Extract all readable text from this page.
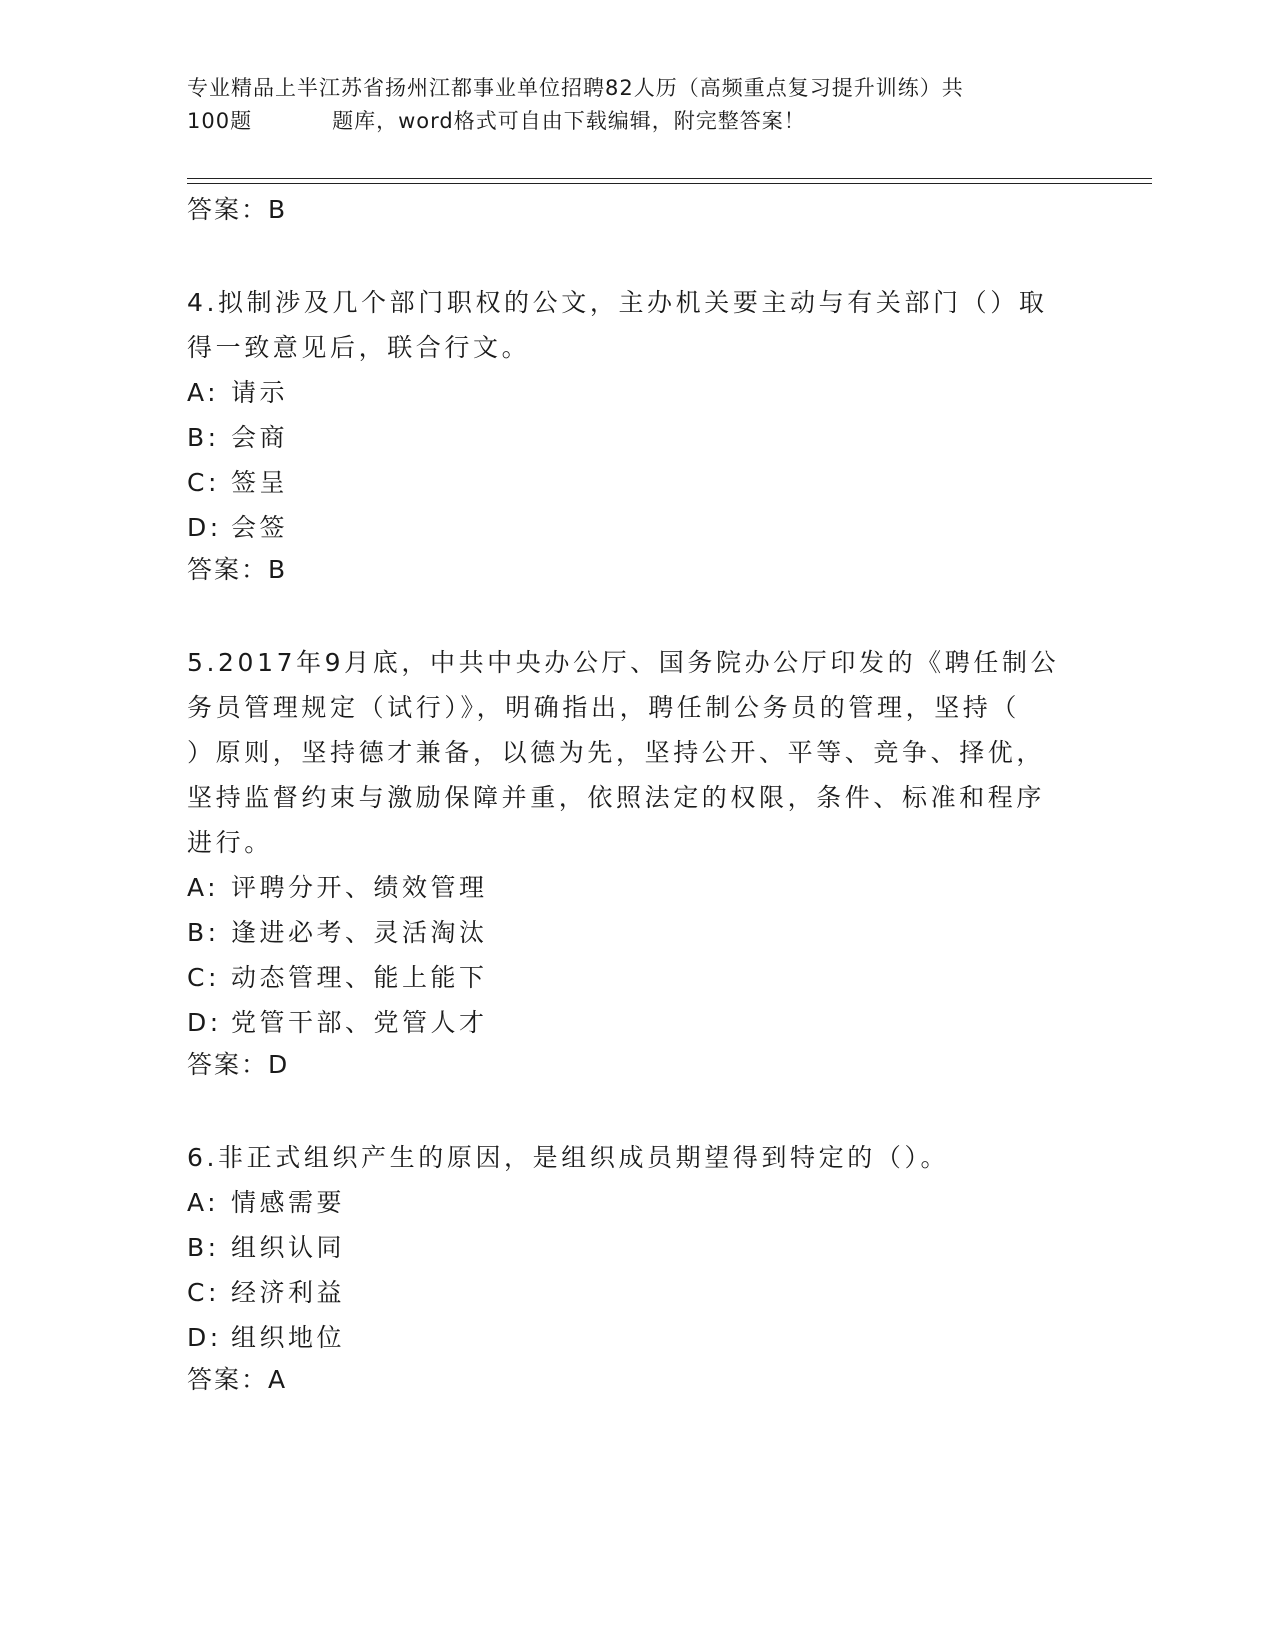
专业精品上半江苏省扬州江都事业单位招聘82人历（高频重点复习提升训练）共
100题	题库，word格式可自由下载编辑，附完整答案！
答案：B
4.拟制涉及几个部门职权的公文，主办机关要主动与有关部门（）取
得一致意见后，联合行文。
A: 请示
B: 会商
C: 签呈
D: 会签
答案：B
5.2017年9月底，中共中央办公厅、国务院办公厅印发的《聘任制公
务员管理规定（试行）》，明确指出，聘任制公务员的管理，坚持（
）原则，坚持德才兼备，以德为先，坚持公开、平等、竞争、择优，
坚持监督约束与激励保障并重，依照法定的权限，条件、标准和程序
进行。
A: 评聘分开、绩效管理
B: 逢进必考、灵活淘汰
C: 动态管理、能上能下
D: 党管干部、党管人才
答案：D
6.非正式组织产生的原因，是组织成员期望得到特定的（）。
A: 情感需要
B: 组织认同
C: 经济利益
D: 组织地位
答案：A
